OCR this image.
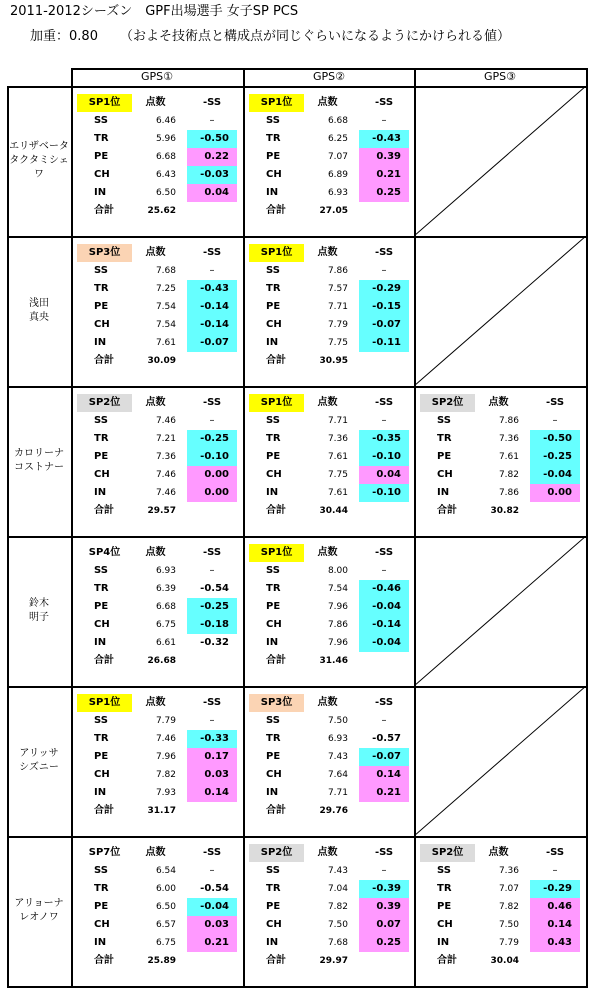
2011-2012シーズン　GPF出場選手 女子SP PCS
加重：0.80 （およそ技術点と構成点が同じぐらいになるようにかけられる値）
GPS①	GPS②	GPS③
エリザベータ
タクタミシェワ
SP1位	点数	-SS
SS	6.46	–
TR	5.96	-0.50
PE	6.68	0.22
CH	6.43	-0.03
IN	6.50	0.04
合計	25.62
SP1位	点数	-SS
SS	6.68	–
TR	6.25	-0.43
PE	7.07	0.39
CH	6.89	0.21
IN	6.93	0.25
合計	27.05
浅田
真央
SP3位	点数	-SS
SS	7.68	–
TR	7.25	-0.43
PE	7.54	-0.14
CH	7.54	-0.14
IN	7.61	-0.07
合計	30.09
SP1位	点数	-SS
SS	7.86	–
TR	7.57	-0.29
PE	7.71	-0.15
CH	7.79	-0.07
IN	7.75	-0.11
合計	30.95
カロリーナ
コストナー
SP2位	点数	-SS
SS	7.46	–
TR	7.21	-0.25
PE	7.36	-0.10
CH	7.46	0.00
IN	7.46	0.00
合計	29.57
SP1位	点数	-SS
SS	7.71	–
TR	7.36	-0.35
PE	7.61	-0.10
CH	7.75	0.04
IN	7.61	-0.10
合計	30.44
SP2位	点数	-SS
SS	7.86	–
TR	7.36	-0.50
PE	7.61	-0.25
CH	7.82	-0.04
IN	7.86	0.00
合計	30.82
鈴木
明子
SP4位	点数	-SS
SS	6.93	–
TR	6.39	-0.54
PE	6.68	-0.25
CH	6.75	-0.18
IN	6.61	-0.32
合計	26.68
SP1位	点数	-SS
SS	8.00	–
TR	7.54	-0.46
PE	7.96	-0.04
CH	7.86	-0.14
IN	7.96	-0.04
合計	31.46
アリッサ
シズニー
SP1位	点数	-SS
SS	7.79	–
TR	7.46	-0.33
PE	7.96	0.17
CH	7.82	0.03
IN	7.93	0.14
合計	31.17
SP3位	点数	-SS
SS	7.50	–
TR	6.93	-0.57
PE	7.43	-0.07
CH	7.64	0.14
IN	7.71	0.21
合計	29.76
アリョーナ
レオノワ
SP7位	点数	-SS
SS	6.54	–
TR	6.00	-0.54
PE	6.50	-0.04
CH	6.57	0.03
IN	6.75	0.21
合計	25.89
SP2位	点数	-SS
SS	7.43	–
TR	7.04	-0.39
PE	7.82	0.39
CH	7.50	0.07
IN	7.68	0.25
合計	29.97
SP2位	点数	-SS
SS	7.36	–
TR	7.07	-0.29
PE	7.82	0.46
CH	7.50	0.14
IN	7.79	0.43
合計	30.04
